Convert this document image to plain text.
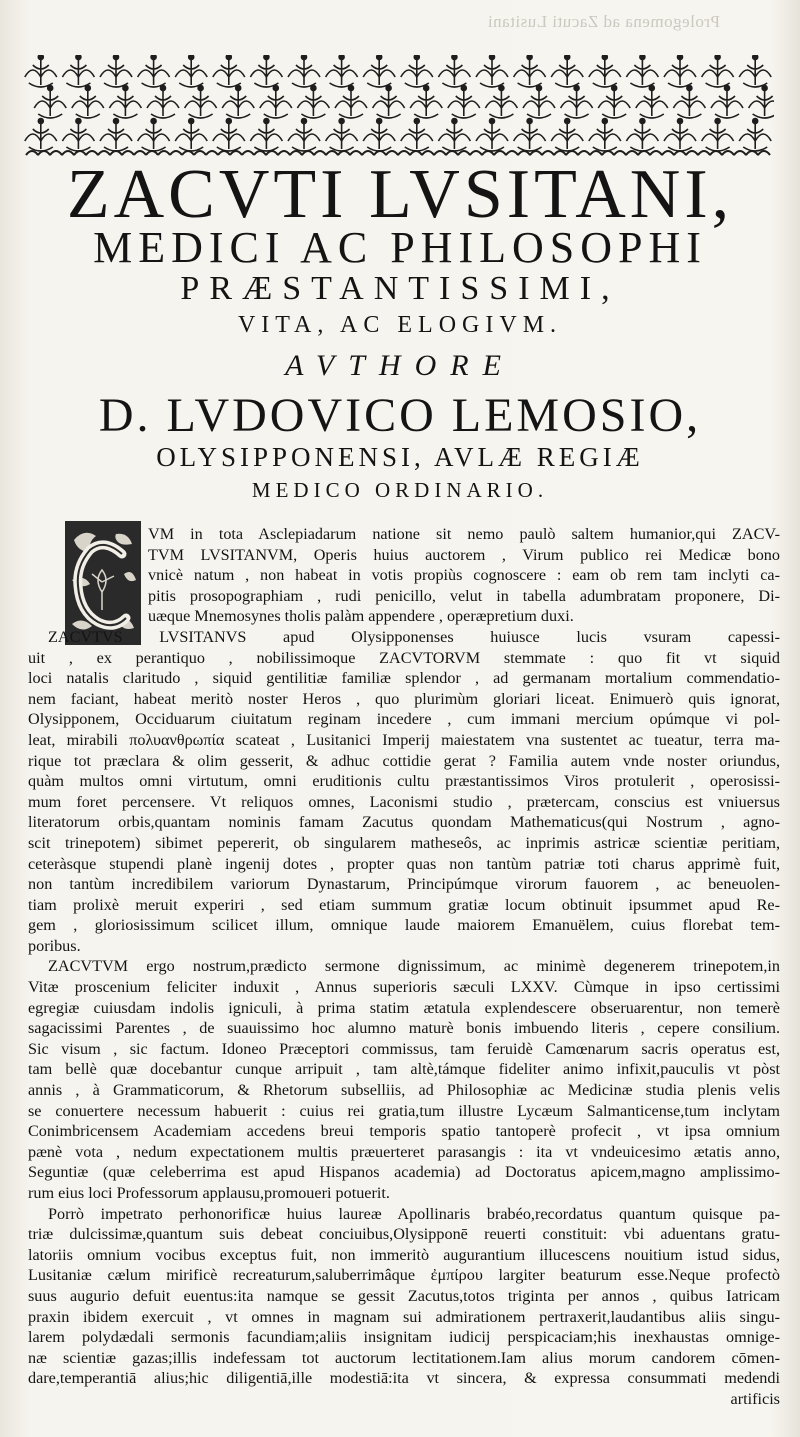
Prolegomena ad Zacuti Lusitani
ZACVTI LVSITANI,
MEDICI AC PHILOSOPHI
PRÆSTANTISSIMI,
VITA, AC ELOGIVM.
AVTHORE
D. LVDOVICO LEMOSIO,
OLYSIPPONENSI, AVLÆ REGIÆ
MEDICO ORDINARIO.
VM in tota Asclepiadarum natione sit nemo paulò saltem humanior,qui ZACV-
TVM LVSITANVM, Operis huius auctorem , Virum publico rei Medicæ bono
vnicè natum , non habeat in votis propiùs cognoscere : eam ob rem tam inclyti ca-
pitis prosopographiam , rudi penicillo, velut in tabella adumbratam proponere, Di-
uæque Mnemosynes tholis palàm appendere , operæpretium duxi.
ZACVTVS LVSITANVS apud Olysipponenses huiusce lucis vsuram capessi-
uit , ex perantiquo , nobilissimoque ZACVTORVM stemmate : quo fit vt siquid
loci natalis claritudo , siquid gentilitiæ familiæ splendor , ad germanam mortalium commendatio-
nem faciant, habeat meritò noster Heros , quo plurimùm gloriari liceat. Enimuerò quis ignorat,
Olysipponem, Occiduarum ciuitatum reginam incedere , cum immani mercium opúmque vi pol-
leat, mirabili πολυανθρωπία scateat , Lusitanici Imperij maiestatem vna sustentet ac tueatur, terra ma-
rique tot præclara & olim gesserit, & adhuc cottidie gerat ? Familia autem vnde noster oriundus,
quàm multos omni virtutum, omni eruditionis cultu præstantissimos Viros protulerit , operosissi-
mum foret percensere. Vt reliquos omnes, Laconismi studio , prætercam, conscius est vniuersus
literatorum orbis,quantam nominis famam Zacutus quondam Mathematicus(qui Nostrum , agno-
scit trinepotem) sibimet pepererit, ob singularem matheseôs, ac inprimis astricæ scientiæ peritiam,
ceteràsque stupendi planè ingenij dotes , propter quas non tantùm patriæ toti charus apprimè fuit,
non tantùm incredibilem variorum Dynastarum, Principúmque virorum fauorem , ac beneuolen-
tiam prolixè meruit experiri , sed etiam summum gratiæ locum obtinuit ipsummet apud Re-
gem , gloriosissimum scilicet illum, omnique laude maiorem Emanuëlem, cuius florebat tem-
poribus.
ZACVTVM ergo nostrum,prædicto sermone dignissimum, ac minimè degenerem trinepotem,in
Vitæ proscenium feliciter induxit , Annus superioris sæculi LXXV. Cùmque in ipso certissimi
egregiæ cuiusdam indolis igniculi, à prima statim ætatula explendescere obseruarentur, non temerè
sagacissimi Parentes , de suauissimo hoc alumno maturè bonis imbuendo literis , cepere consilium.
Sic visum , sic factum. Idoneo Præceptori commissus, tam feruidè Camœnarum sacris operatus est,
tam bellè quæ docebantur cunque arripuit , tam altè,támque fideliter animo infixit,pauculis vt pòst
annis , à Grammaticorum, & Rhetorum subselliis, ad Philosophiæ ac Medicinæ studia plenis velis
se conuertere necessum habuerit : cuius rei gratia,tum illustre Lycæum Salmanticense,tum inclytam
Conimbricensem Academiam accedens breui temporis spatio tantoperè profecit , vt ipsa omnium
pænè vota , nedum expectationem multis præuerteret parasangis : ita vt vndeuicesimo ætatis anno,
Seguntiæ (quæ celeberrima est apud Hispanos academia) ad Doctoratus apicem,magno amplissimo-
rum eius loci Professorum applausu,promoueri potuerit.
Porrò impetrato perhonorificæ huius laureæ Apollinaris brabéo,recordatus quantum quisque pa-
triæ dulcissimæ,quantum suis debeat conciuibus,Olysipponē reuerti constituit: vbi aduentans gratu-
latoriis omnium vocibus exceptus fuit, non immeritò augurantium illucescens nouitium istud sidus,
Lusitaniæ cælum mirificè recreaturum,saluberrimâque ἐμπίρου largiter beaturum esse.Neque profectò
suus augurio defuit euentus:ita namque se gessit Zacutus,totos triginta per annos , quibus Iatricam
praxin ibidem exercuit , vt omnes in magnam sui admirationem pertraxerit,laudantibus aliis singu-
larem polydædali sermonis facundiam;aliis insignitam iudicij perspicaciam;his inexhaustas omnige-
næ scientiæ gazas;illis indefessam tot auctorum lectitationem.Iam alius morum candorem cōmen-
dare,temperantiā alius;hic diligentiā,ille modestiā:ita vt sincera, & expressa consummati medendi
artificis
